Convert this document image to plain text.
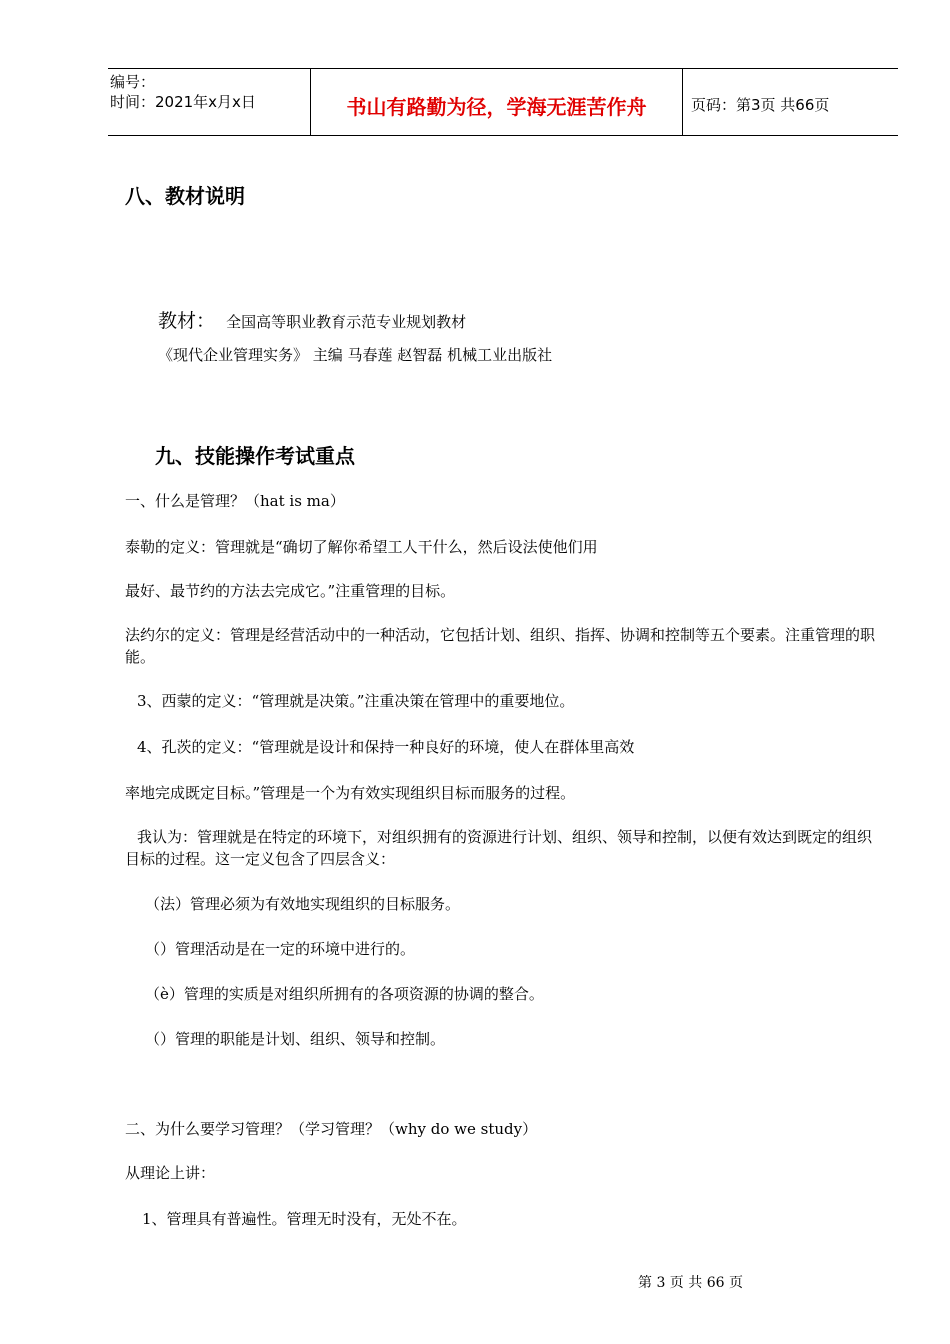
编号：
时间：2021年x月x日	书山有路勤为径，学海无涯苦作舟	页码：第3页 共66页
八、教材说明
教材： 全国高等职业教育示范专业规划教材
《现代企业管理实务》 主编 马春莲 赵智磊 机械工业出版社
九、技能操作考试重点
一、什么是管理？（hat is ma）
泰勒的定义：管理就是“确切了解你希望工人干什么，然后设法使他们用
最好、最节约的方法去完成它。”注重管理的目标。
法约尔的定义：管理是经营活动中的一种活动，它包括计划、组织、指挥、协调和控制等五个要素。注重管理的职能。
3、西蒙的定义：“管理就是决策。”注重决策在管理中的重要地位。
4、孔茨的定义：“管理就是设计和保持一种良好的环境，使人在群体里高效
率地完成既定目标。”管理是一个为有效实现组织目标而服务的过程。
我认为：管理就是在特定的环境下，对组织拥有的资源进行计划、组织、领导和控制，以便有效达到既定的组织目标的过程。这一定义包含了四层含义：
（法）管理必须为有效地实现组织的目标服务。
（）管理活动是在一定的环境中进行的。
（è）管理的实质是对组织所拥有的各项资源的协调的整合。
（）管理的职能是计划、组织、领导和控制。
二、为什么要学习管理？（学习管理？（why do we study）
从理论上讲：
1、管理具有普遍性。管理无时没有，无处不在。
第 3 页 共 66 页
